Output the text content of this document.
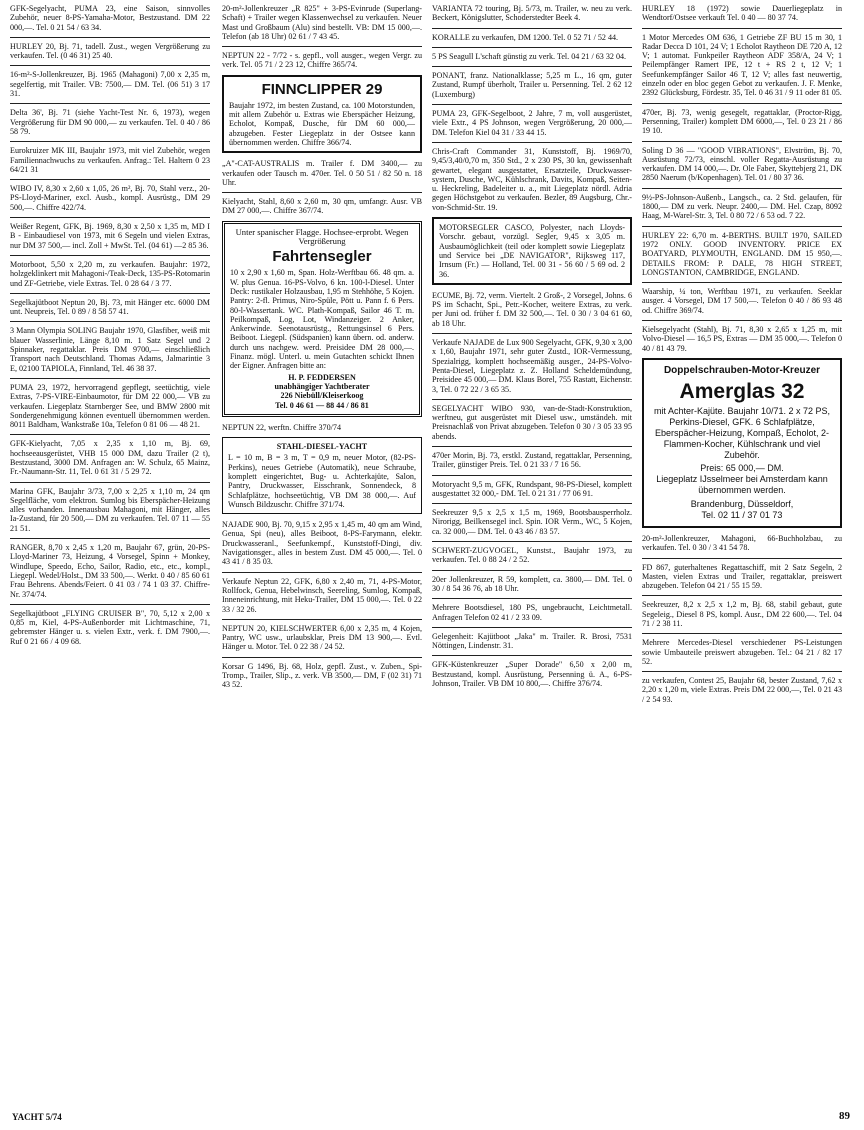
GFK-Segelyacht, PUMA 23, eine Saison, sinnvolles Zubehör, neuer 8-PS-Yamaha-Motor, Bestzustand. DM 22 000,—. Tel. 0 21 54 / 63 34.

HURLEY 20, Bj. 71, tadell. Zust., wegen Vergrößerung zu verkaufen. Tel. (0 46 31) 25 40.

16-m²-S-Jollenkreuzer, Bj. 1965 (Mahagoni) 7,00 x 2,35 m, segelfertig, mit Trailer. VB: 7500,— DM. Tel. (06 51) 3 17 31.

Delta 36', Bj. 71 (siehe Yacht-Test Nr. 6, 1973), wegen Vergrößerung für DM 90 000,— zu verkaufen. Tel. 0 40 / 86 58 79.

Eurokruizer MK III, Baujahr 1973, mit viel Zubehör, wegen Familiennachwuchs zu verkaufen. Anfrag.: Tel. Haltern 0 23 64/21 31

WIBO IV, 8,30 x 2,60 x 1,05, 26 m², Bj. 70, Stahl verz., 20-PS-Lloyd-Mariner, excl. Ausb., kompl. Ausrüstg., DM 29 500,—. Chiffre 422/74.

Weißer Regent, GFK, Bj. 1969, 8,30 x 2,50 x 1,35 m, MD I B - Einbaudiesel von 1973, mit 6 Segeln und vielen Extras, nur DM 37 500,— incl. Zoll + MwSt. Tel. (04 61) —2 85 36.

Motorboot, 5,50 x 2,20 m, zu verkaufen. Baujahr: 1972, holzgeklinkert mit Mahagoni-/Teak-Deck, 135-PS-Rotomarin und ZF-Getriebe, viele Extras. Tel. 0 28 64 / 3 77.

Segelkajütboot Neptun 20, Bj. 73, mit Hänger etc. 6000 DM unt. Neupreis, Tel. 0 89 / 8 58 57 41.

3 Mann Olympia SOLING Baujahr 1970, Glasfiber, weiß mit blauer Wasserlinie, Länge 8,10 m. 1 Satz Segel und 2 Spinnaker, regattaklar. Preis DM 9700,— einschließlich Transport nach Deutschland. Thomas Adams, Jalmarintie 3 E, 02100 TAPIOLA, Finnland, Tel. 46 38 37.

PUMA 23, 1972, hervorragend gepflegt, seetüchtig, viele Extras, 7-PS-VIRE-Einbaumotor, für DM 22 000,— VB zu verkaufen. Liegeplatz Starnberger See, und BMW 2800 mit Sondergenehmigung können eventuell übernommen werden. 8011 Baldham, Wankstraße 10a, Telefon 0 81 06 — 48 21.

GFK-Kielyacht, 7,05 x 2,35 x 1,10 m, Bj. 69, hochseeausgerüstet, VHB 15 000 DM, dazu Trailer (2 t), Bestzustand, 3000 DM. Anfragen an: W. Schulz, 65 Mainz, Fr.-Naumann-Str. 11, Tel. 0 61 31 / 5 29 72.

Marina GFK, Baujahr 3/73, 7,00 x 2,25 x 1,10 m, 24 qm Segelfläche, vom elektron. Sumlog bis Eberspächer-Heizung alles vorhanden. Innenausbau Mahagoni, mit Hänger, alles Ia-Zustand, für 20 500,— DM zu verkaufen. Tel. 07 11 — 55 21 51.

RANGER, 8,70 x 2,45 x 1,20 m, Baujahr 67, grün, 20-PS-Lloyd-Mariner 73, Heizung, 4 Vorsegel, Spinn + Monkey, Windlupe, Speedo, Echo, Sailor, Radio, etc., etc., kompl., Liegepl. Wedel/Holst., DM 33 500,—. Werkt. 0 40 / 85 60 61 Frau Behrens. Abends/Feiert. 0 41 03 / 74 1 03 37. Chiffre-Nr. 374/74.

Segelkajütboot „FLYING CRUISER B", 70, 5,12 x 2,00 x 0,85 m, Kiel, 4-PS-Außenborder mit Lichtmaschine, 71, gebremster Hänger u. s. vielen Extr., verk. f. DM 7900,—. Ruf 0 21 66 / 4 09 68.

20-m²-Jollenkreuzer „R 825" + 3-PS-Evinrude (Superlang-Schaft) + Trailer wegen Klassenwechsel zu verkaufen. Neuer Mast und Großbaum (Alu) sind bestellt. VB: DM 15 000,—. Telefon (ab 18 Uhr) 02 61 / 7 43 45.

NEPTUN 22 - 7/72 - s. gepfl., voll ausger., wegen Vergr. zu verk. Tel. 05 71 / 2 23 12, Chiffre 365/74.

FINNCLIPPER 29

Baujahr 1972, im besten Zustand, ca. 100 Motorstunden, mit allem Zubehör u. Extras wie Eberspächer Heizung, Echolot, Kompaß, Dusche, für DM 60 000,— abzugeben. Fester Liegeplatz in der Ostsee kann übernommen werden. Chiffre 366/74.

„A"-CAT-AUSTRALIS m. Trailer f. DM 3400,— zu verkaufen oder Tausch m. 470er. Tel. 0 50 51 / 82 50 n. 18 Uhr.

Kielyacht, Stahl, 8,60 x 2,60 m, 30 qm, umfangr. Ausr. VB DM 27 000,—. Chiffre 367/74.

Unter spanischer Flagge. Hochsee-erprobt. Wegen Vergrößerung

Fahrtensegler

10 x 2,90 x 1,60 m, Span. Holz-Werftbau 66. 48 qm. a. W. plus Genua. 16-PS-Volvo, 6 kn. 100-l-Diesel. Unter Deck: rustikaler Holzausbau, 1,95 m Stehhöhe, 5 Kojen. Pantry: 2-fl. Primus, Niro-Spüle, Pött u. Pann f. 6 Pers. 80-l-Wassertank. WC. Plath-Kompaß, Sailor 46 T. m. Peilkompaß, Log, Lot, Windanzeiger. 2 Anker, Ankerwinde. Seenotausrüstg., Rettungsinsel 6 Pers. Beiboot. Liegepl. (Südspanien) kann übern. od. anderw. durch uns nachgew. werd. Preisidee DM 28 000,—. Finanz. mögl. Unterl. u. mein Gutachten schickt Ihnen der Eigner. Anfragen bitte an:

H. P. FEDDERSEN
unabhängiger Yachtberater
226 Niebüll/Kleiserkoog
Tel. 0 46 61 — 88 44 / 86 81

NEPTUN 22, werftn. Chiffre 370/74

STAHL-DIESEL-YACHT

L = 10 m, B = 3 m, T = 0,9 m, neuer Motor, (82-PS-Perkins), neues Getriebe (Automatik), neue Schraube, komplett eingerichtet, Bug- u. Achterkajüte, Salon, Pantry, Druckwasser, Eisschrank, Sonnendeck, 8 Schlafplätze, hochseetüchtig, VB DM 38 000,—. Auf Wunsch Bildzuschr. Chiffre 371/74.

NAJADE 900, Bj. 70, 9,15 x 2,95 x 1,45 m, 40 qm am Wind, Genua, Spi (neu), alles Beiboot, 8-PS-Farymann, elektr. Druckwasseranl., Seefunkempf., Kunststoff-Dingi, div. Navigationsger., alles in bestem Zust. DM 45 000,—. Tel. 0 43 41 / 8 35 03.

Verkaufe Neptun 22, GFK, 6,80 x 2,40 m, 71, 4-PS-Motor, Rollfock, Genua, Hebelwinsch, Seereling, Sumlog, Kompaß, Inneneinrichtung, mit Heku-Trailer, DM 15 000,—. Tel. 0 22 33 / 32 26.

NEPTUN 20, KIELSCHWERTER 6,00 x 2,35 m, 4 Kojen, Pantry, WC usw., urlaubsklar, Preis DM 13 900,—. Evtl. Hänger u. Motor. Tel. 0 22 38 / 24 52.

Korsar G 1496, Bj. 68, Holz, gepfl. Zust., v. Zuben., Spi-Tromp., Trailer, Slip., z. verk. VB 3500,— DM, F (02 31) 71 43 52.

VARIANTA 72 touring, Bj. 5/73, m. Trailer, w. neu zu verk. Beckert, Königslutter, Schoderstedter Beek 4.

KORALLE zu verkaufen, DM 1200. Tel. 0 52 71 / 52 44.

5 PS Seagull L'schaft günstig zu verk. Tel. 04 21 / 63 32 04.

PONANT, franz. Nationalklasse; 5,25 m L., 16 qm, guter Zustand, Rumpf überholt, Trailer u. Persenning. Tel. 2 62 12 (Luxemburg)

PUMA 23, GFK-Segelboot, 2 Jahre, 7 m, voll ausgerüstet, viele Extr., 4 PS Johnson, wegen Vergrößerung, 20 000,— DM. Telefon Kiel 04 31 / 33 44 15.

Chris-Craft Commander 31, Kunststoff, Bj. 1969/70, 9,45/3,40/0,70 m, 350 Std., 2 x 230 PS, 30 kn, gewissenhaft gewartet, elegant ausgestattet, Ersatzteile, Druckwasser-system, Dusche, WC, Kühlschrank, Davits, Kompaß, Seiten- u. Heckreling, Badeleiter u. a., mit Liegeplatz nördl. Adria gegen Höchstgebot zu verkaufen. Bezler, 89 Augsburg, Chr.-von-Schmid-Str. 19.

MOTORSEGLER CASCO, Polyester, nach Lloyds-Vorschr. gebaut, vorzügl. Segler, 9,45 x 3,05 m. Ausbaumöglichkeit (teil oder komplett sowie Liegeplatz und Service bei „DE NAVIGATOR", Rijksweg 117, Irnsum (Fr.) — Holland, Tel. 00 31 - 56 60 / 5 69 od. 2 36.

ECUME, Bj. 72, verm. Viertelt. 2 Groß-, 2 Vorsegel, Johns. 6 PS im Schacht, Spi., Petr.-Kocher, weitere Extras, zu verk. per Juni od. früher f. DM 32 500,—. Tel. 0 30 / 3 04 61 60, ab 18 Uhr.

Verkaufe NAJADE de Lux 900 Segelyacht, GFK, 9,30 x 3,00 x 1,60, Baujahr 1971, sehr guter Zustd., IOR-Vermessung, Spezialrigg, komplett hochseemäßig ausger., 24-PS-Volvo-Penta-Diesel, Liegeplatz z. Z. Holland Scheldemündung, Preisidee 45 000,— DM. Klaus Borel, 755 Rastatt, Eichenstr. 3, Tel. 0 72 22 / 3 65 35.

SEGELYACHT WIBO 930, van-de-Stadt-Konstruktion, werftneu, gut ausgerüstet mit Diesel usw., umständeh. mit Preisnachlaß von Privat abzugeben. Telefon 0 30 / 3 05 33 95 abends.

470er Morin, Bj. 73, erstkl. Zustand, regattaklar, Persenning, Trailer, günstiger Preis. Tel. 0 21 33 / 7 16 56.

Motoryacht 9,5 m, GFK, Rundspant, 98-PS-Diesel, komplett ausgestattet 32 000,- DM. Tel. 0 21 31 / 77 06 91.

Seekreuzer 9,5 x 2,5 x 1,5 m, 1969, Bootsbausperrholz. Nirorigg, Beilkensegel incl. Spin. IOR Verm., WC, 5 Kojen, ca. 32 000,— DM. Tel. 0 43 46 / 83 57.

SCHWERT-ZUGVOGEL, Kunstst., Baujahr 1973, zu verkaufen. Tel. 0 88 24 / 2 52.

20er Jollenkreuzer, R 59, komplett, ca. 3800,— DM. Tel. 0 30 / 8 54 36 76, ab 18 Uhr.

Mehrere Bootsdiesel, 180 PS, ungebraucht, Leichtmetall. Anfragen Telefon 02 41 / 2 33 09.

Gelegenheit: Kajütboot „Jaka" m. Trailer. R. Brosi, 7531 Nöttingen, Lindenstr. 31.

GFK-Küstenkreuzer „Super Dorade" 6,50 x 2,00 m, Bestzustand, kompl. Ausrüstung, Persenning ü. A., 6-PS-Johnson, Trailer. VB DM 10 800,—. Chiffre 376/74.

HURLEY 18 (1972) sowie Dauerliegeplatz in Wendtorf/Ostsee verkauft Tel. 0 40 — 80 37 74.

1 Motor Mercedes OM 636, 1 Getriebe ZF BU 15 m 30, 1 Radar Decca D 101, 24 V; 1 Echolot Raytheon DE 720 A, 12 V; 1 automat. Funkpeiler Raytheon ADF 358/A, 24 V; 1 Peilempfänger Ramert IPE, 12 t + RS 2 t, 12 V; 1 Seefunkempfänger Sailor 46 T, 12 V; alles fast neuwertig, einzeln oder en bloc gegen Gebot zu verkaufen. J. F. Menke, 2392 Glücksburg, Fördestr. 35, Tel. 0 46 31 / 9 11 oder 81 05.

470er, Bj. 73, wenig gesegelt, regattaklar, (Proctor-Rigg, Persenning, Trailer) komplett DM 6000,—, Tel. 0 23 21 / 86 19 10.

Soling D 36 — "GOOD VIBRATIONS", Elvström, Bj. 70, Ausrüstung 72/73, einschl. voller Regatta-Ausrüstung zu verkaufen. DM 14 000,—. Dr. Ole Faber, Skyttebjerg 21, DK 2850 Naerum (b/Kopenhagen). Tel. 01 / 80 37 36.

9½-PS-Johnson-Außenb., Langsch., ca. 2 Std. gelaufen, für 1800,— DM zu verk. Neupr. 2400,— DM. Hel. Czap, 8092 Haag, M-Warel-Str. 3, Tel. 0 80 72 / 6 53 od. 7 22.

HURLEY 22: 6,70 m. 4-BERTHS. BUILT 1970, SAILED 1972 ONLY. GOOD INVENTORY. PRICE EX BOATYARD, PLYMOUTH, ENGLAND. DM 15 950,—. DETAILS FROM: P. DALE, 78 HIGH STREET, LONGSTANTON, CAMBRIDGE, ENGLAND.

Waarship, ¼ ton, Werftbau 1971, zu verkaufen. Seeklar ausger. 4 Vorsegel, DM 17 500,—. Telefon 0 40 / 86 93 48 od. Chiffre 369/74.

Kielsegelyacht (Stahl), Bj. 71, 8,30 x 2,65 x 1,25 m, mit Volvo-Diesel — 16,5 PS, Extras — DM 35 000,—. Telefon 0 40 / 81 43 79.

Doppelschrauben-Motor-Kreuzer
Amerglas 32

mit Achter-Kajüte. Baujahr 10/71. 2 x 72 PS, Perkins-Diesel, GFK. 6 Schlafplätze, Eberspächer-Heizung, Kompaß, Echolot, 2-Flammen-Kocher, Kühlschrank und viel Zubehör.

Preis: 65 000,— DM.

Liegeplatz IJsselmeer bei Amsterdam kann übernommen werden.

Brandenburg, Düsseldorf,

Tel. 02 11 / 37 01 73

20-m²-Jollenkreuzer, Mahagoni, 66-Buchholzbau, zu verkaufen. Tel. 0 30 / 3 41 54 78.

FD 867, guterhaltenes Regattaschiff, mit 2 Satz Segeln, 2 Masten, vielen Extras und Trailer, regattaklar, preiswert abzugeben. Telefon 04 21 / 55 15 59.

Seekreuzer, 8,2 x 2,5 x 1,2 m, Bj. 68, stabil gebaut, gute Segeleig., Diesel 8 PS, kompl. Ausr., DM 22 600,—. Tel. 04 71 / 2 38 11.

Mehrere Mercedes-Diesel verschiedener PS-Leistungen sowie Umbauteile preiswert abzugeben. Tel.: 04 21 / 82 17 52.

zu verkaufen, Contest 25, Baujahr 68, bester Zustand, 7,62 x 2,20 x 1,20 m, viele Extras. Preis DM 22 000,—, Tel. 0 21 43 / 2 54 93.

YACHT 5/74	89
